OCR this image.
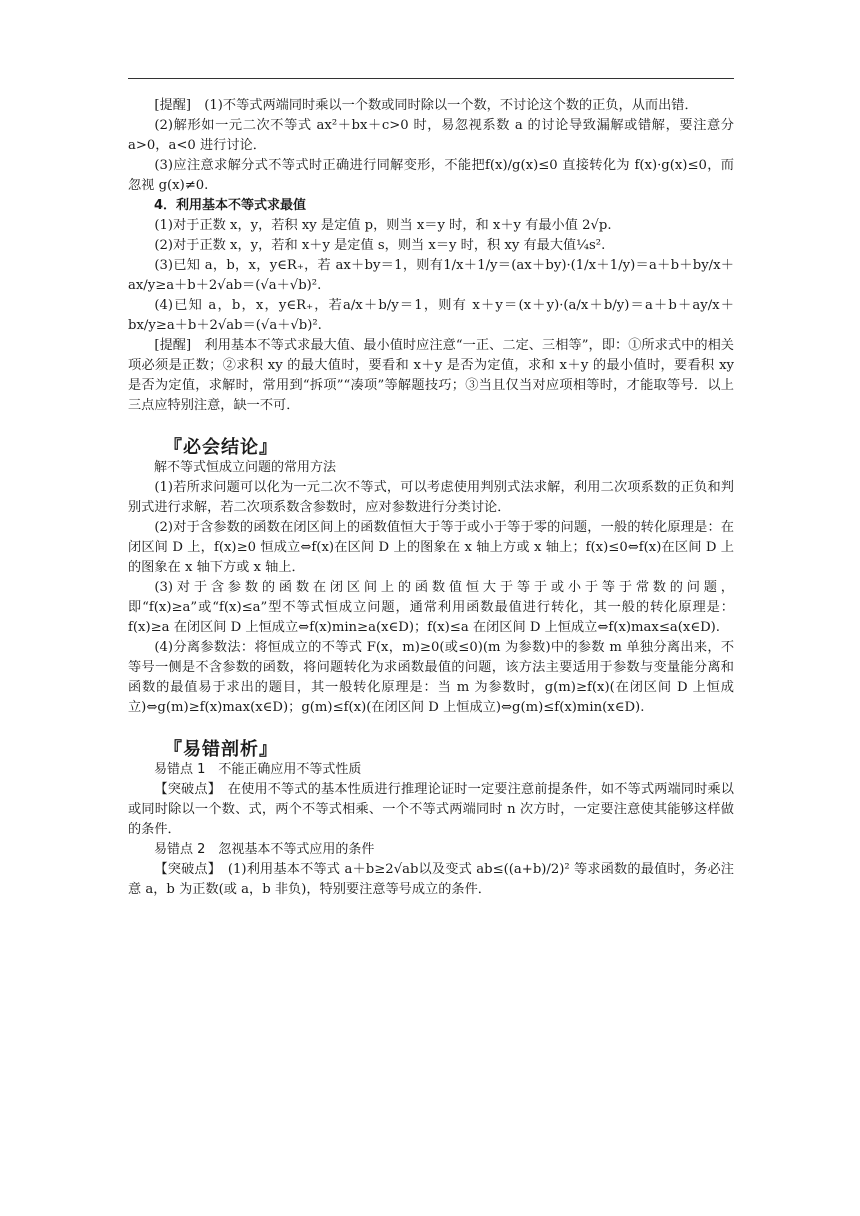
[提醒]　 (1)不等式两端同时乘以一个数或同时除以一个数，不讨论这个数的正负，从而出错．

(2)解形如一元二次不等式 ax²＋bx＋c>0 时，易忽视系数 a 的讨论导致漏解或错解，要注意分 a>0，a<0 进行讨论．

(3)应注意求解分式不等式时正确进行同解变形，不能把f(x)/g(x)≤0 直接转化为 f(x)·g(x)≤0，而忽视 g(x)≠0.

4．利用基本不等式求最值

(1)对于正数 x，y，若积 xy 是定值 p，则当 x＝y 时，和 x＋y 有最小值 2√p.

(2)对于正数 x，y，若和 x＋y 是定值 s，则当 x＝y 时，积 xy 有最大值¼s².

(3)已知 a，b，x，y∈R₊，若 ax＋by＝1，则有1/x＋1/y＝(ax＋by)·(1/x＋1/y)＝a＋b＋by/x＋ax/y≥a＋b＋2√ab＝(√a＋√b)².

(4)已知 a，b，x，y∈R₊，若a/x＋b/y＝1，则有 x＋y＝(x＋y)·(a/x＋b/y)＝a＋b＋ay/x＋bx/y≥a＋b＋2√ab＝(√a＋√b)².

[提醒]　 利用基本不等式求最大值、最小值时应注意“一正、二定、三相等”，即：①所求式中的相关项必须是正数；②求积 xy 的最大值时，要看和 x＋y 是否为定值，求和 x＋y 的最小值时，要看积 xy 是否为定值，求解时，常用到“拆项”“凑项”等解题技巧；③当且仅当对应项相等时，才能取等号．以上三点应特别注意，缺一不可．

『必会结论』

解不等式恒成立问题的常用方法

(1)若所求问题可以化为一元二次不等式，可以考虑使用判别式法求解，利用二次项系数的正负和判别式进行求解，若二次项系数含参数时，应对参数进行分类讨论．

(2)对于含参数的函数在闭区间上的函数值恒大于等于或小于等于零的问题，一般的转化原理是：在闭区间 D 上，f(x)≥0 恒成立⇔f(x)在区间 D 上的图象在 x 轴上方或 x 轴上；f(x)≤0⇔f(x)在区间 D 上的图象在 x 轴下方或 x 轴上．

(3)对于含参数的函数在闭区间上的函数值恒大于等于或小于等于常数的问题，即“f(x)≥a”或“f(x)≤a”型不等式恒成立问题，通常利用函数最值进行转化，其一般的转化原理是：f(x)≥a 在闭区间 D 上恒成立⇔f(x)min≥a(x∈D)；f(x)≤a 在闭区间 D 上恒成立⇔f(x)max≤a(x∈D).

(4)分离参数法：将恒成立的不等式 F(x，m)≥0(或≤0)(m 为参数)中的参数 m 单独分离出来，不等号一侧是不含参数的函数，将问题转化为求函数最值的问题，该方法主要适用于参数与变量能分离和函数的最值易于求出的题目，其一般转化原理是：当 m 为参数时，g(m)≥f(x)(在闭区间 D 上恒成立)⇔g(m)≥f(x)max(x∈D)；g(m)≤f(x)(在闭区间 D 上恒成立)⇔g(m)≤f(x)min(x∈D).

『易错剖析』

易错点 1　不能正确应用不等式性质

【突破点】　 在使用不等式的基本性质进行推理论证时一定要注意前提条件，如不等式两端同时乘以或同时除以一个数、式，两个不等式相乘、一个不等式两端同时 n 次方时，一定要注意使其能够这样做的条件．

易错点 2　忽视基本不等式应用的条件

【突破点】　 (1)利用基本不等式 a＋b≥2√ab以及变式 ab≤((a+b)/2)² 等求函数的最值时，务必注意 a，b 为正数(或 a，b 非负)，特别要注意等号成立的条件．
